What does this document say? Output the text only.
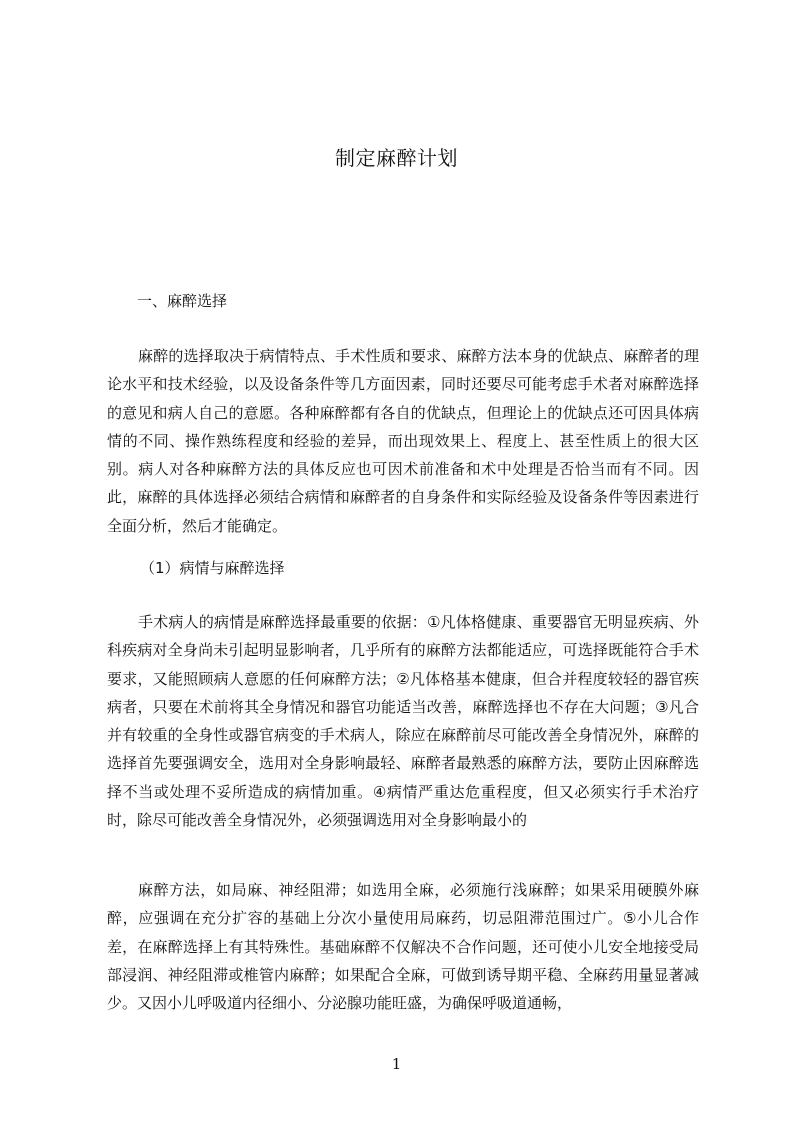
制定麻醉计划
一、麻醉选择

麻醉的选择取决于病情特点、手术性质和要求、麻醉方法本身的优缺点、麻醉者的理论水平和技术经验，以及设备条件等几方面因素，同时还要尽可能考虑手术者对麻醉选择的意见和病人自己的意愿。各种麻醉都有各自的优缺点，但理论上的优缺点还可因具体病情的不同、操作熟练程度和经验的差异，而出现效果上、程度上、甚至性质上的很大区别。病人对各种麻醉方法的具体反应也可因术前准备和术中处理是否恰当而有不同。因此，麻醉的具体选择必须结合病情和麻醉者的自身条件和实际经验及设备条件等因素进行全面分析，然后才能确定。

（1）病情与麻醉选择

手术病人的病情是麻醉选择最重要的依据：①凡体格健康、重要器官无明显疾病、外科疾病对全身尚未引起明显影响者，几乎所有的麻醉方法都能适应，可选择既能符合手术要求，又能照顾病人意愿的任何麻醉方法；②凡体格基本健康，但合并程度较轻的器官疾病者，只要在术前将其全身情况和器官功能适当改善，麻醉选择也不存在大问题；③凡合并有较重的全身性或器官病变的手术病人，除应在麻醉前尽可能改善全身情况外，麻醉的选择首先要强调安全，选用对全身影响最轻、麻醉者最熟悉的麻醉方法，要防止因麻醉选择不当或处理不妥所造成的病情加重。④病情严重达危重程度，但又必须实行手术治疗时，除尽可能改善全身情况外，必须强调选用对全身影响最小的

麻醉方法，如局麻、神经阻滞；如选用全麻，必须施行浅麻醉；如果采用硬膜外麻醉，应强调在充分扩容的基础上分次小量使用局麻药，切忌阻滞范围过广。⑤小儿合作差，在麻醉选择上有其特殊性。基础麻醉不仅解决不合作问题，还可使小儿安全地接受局部浸润、神经阻滞或椎管内麻醉；如果配合全麻，可做到诱导期平稳、全麻药用量显著减少。又因小儿呼吸道内径细小、分泌腺功能旺盛，为确保呼吸道通畅，

1
